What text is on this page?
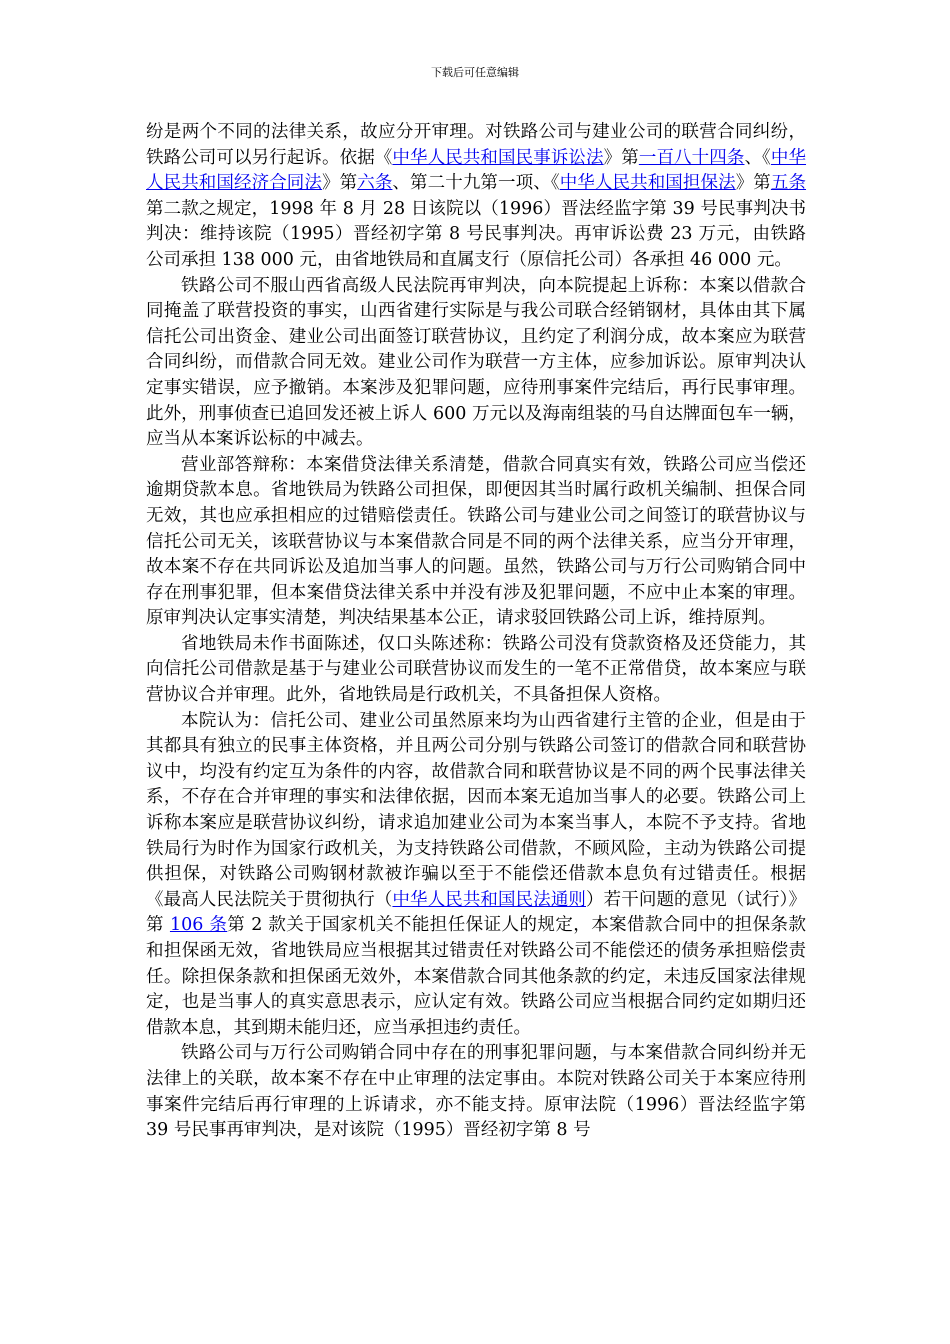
下载后可任意编辑

纷是两个不同的法律关系，故应分开审理。对铁路公司与建业公司的联营合同纠纷，铁路公司可以另行起诉。依据《中华人民共和国民事诉讼法》第一百八十四条、《中华人民共和国经济合同法》第六条、第二十九第一项、《中华人民共和国担保法》第五条第二款之规定，1998 年 8 月 28 日该院以（1996）晋法经监字第 39 号民事判决书判决：维持该院（1995）晋经初字第 8 号民事判决。再审诉讼费 23 万元，由铁路公司承担 138 000 元，由省地铁局和直属支行（原信托公司）各承担 46 000 元。

铁路公司不服山西省高级人民法院再审判决，向本院提起上诉称：本案以借款合同掩盖了联营投资的事实，山西省建行实际是与我公司联合经销钢材，具体由其下属信托公司出资金、建业公司出面签订联营协议，且约定了利润分成，故本案应为联营合同纠纷，而借款合同无效。建业公司作为联营一方主体，应参加诉讼。原审判决认定事实错误，应予撤销。本案涉及犯罪问题，应待刑事案件完结后，再行民事审理。此外，刑事侦查已追回发还被上诉人 600 万元以及海南组装的马自达牌面包车一辆，应当从本案诉讼标的中减去。

营业部答辩称：本案借贷法律关系清楚，借款合同真实有效，铁路公司应当偿还逾期贷款本息。省地铁局为铁路公司担保，即便因其当时属行政机关编制、担保合同无效，其也应承担相应的过错赔偿责任。铁路公司与建业公司之间签订的联营协议与信托公司无关，该联营协议与本案借款合同是不同的两个法律关系，应当分开审理，故本案不存在共同诉讼及追加当事人的问题。虽然，铁路公司与万行公司购销合同中存在刑事犯罪，但本案借贷法律关系中并没有涉及犯罪问题，不应中止本案的审理。原审判决认定事实清楚，判决结果基本公正，请求驳回铁路公司上诉，维持原判。

省地铁局未作书面陈述，仅口头陈述称：铁路公司没有贷款资格及还贷能力，其向信托公司借款是基于与建业公司联营协议而发生的一笔不正常借贷，故本案应与联营协议合并审理。此外，省地铁局是行政机关，不具备担保人资格。

本院认为：信托公司、建业公司虽然原来均为山西省建行主管的企业，但是由于其都具有独立的民事主体资格，并且两公司分别与铁路公司签订的借款合同和联营协议中，均没有约定互为条件的内容，故借款合同和联营协议是不同的两个民事法律关系，不存在合并审理的事实和法律依据，因而本案无追加当事人的必要。铁路公司上诉称本案应是联营协议纠纷，请求追加建业公司为本案当事人，本院不予支持。省地铁局行为时作为国家行政机关，为支持铁路公司借款，不顾风险，主动为铁路公司提供担保，对铁路公司购钢材款被诈骗以至于不能偿还借款本息负有过错责任。根据《最高人民法院关于贯彻执行（中华人民共和国民法通则）若干问题的意见（试行）》第 106 条第 2 款关于国家机关不能担任保证人的规定，本案借款合同中的担保条款和担保函无效，省地铁局应当根据其过错责任对铁路公司不能偿还的债务承担赔偿责任。除担保条款和担保函无效外，本案借款合同其他条款的约定，未违反国家法律规定，也是当事人的真实意思表示，应认定有效。铁路公司应当根据合同约定如期归还借款本息，其到期未能归还，应当承担违约责任。

铁路公司与万行公司购销合同中存在的刑事犯罪问题，与本案借款合同纠纷并无法律上的关联，故本案不存在中止审理的法定事由。本院对铁路公司关于本案应待刑事案件完结后再行审理的上诉请求，亦不能支持。原审法院（1996）晋法经监字第 39 号民事再审判决，是对该院（1995）晋经初字第 8 号
